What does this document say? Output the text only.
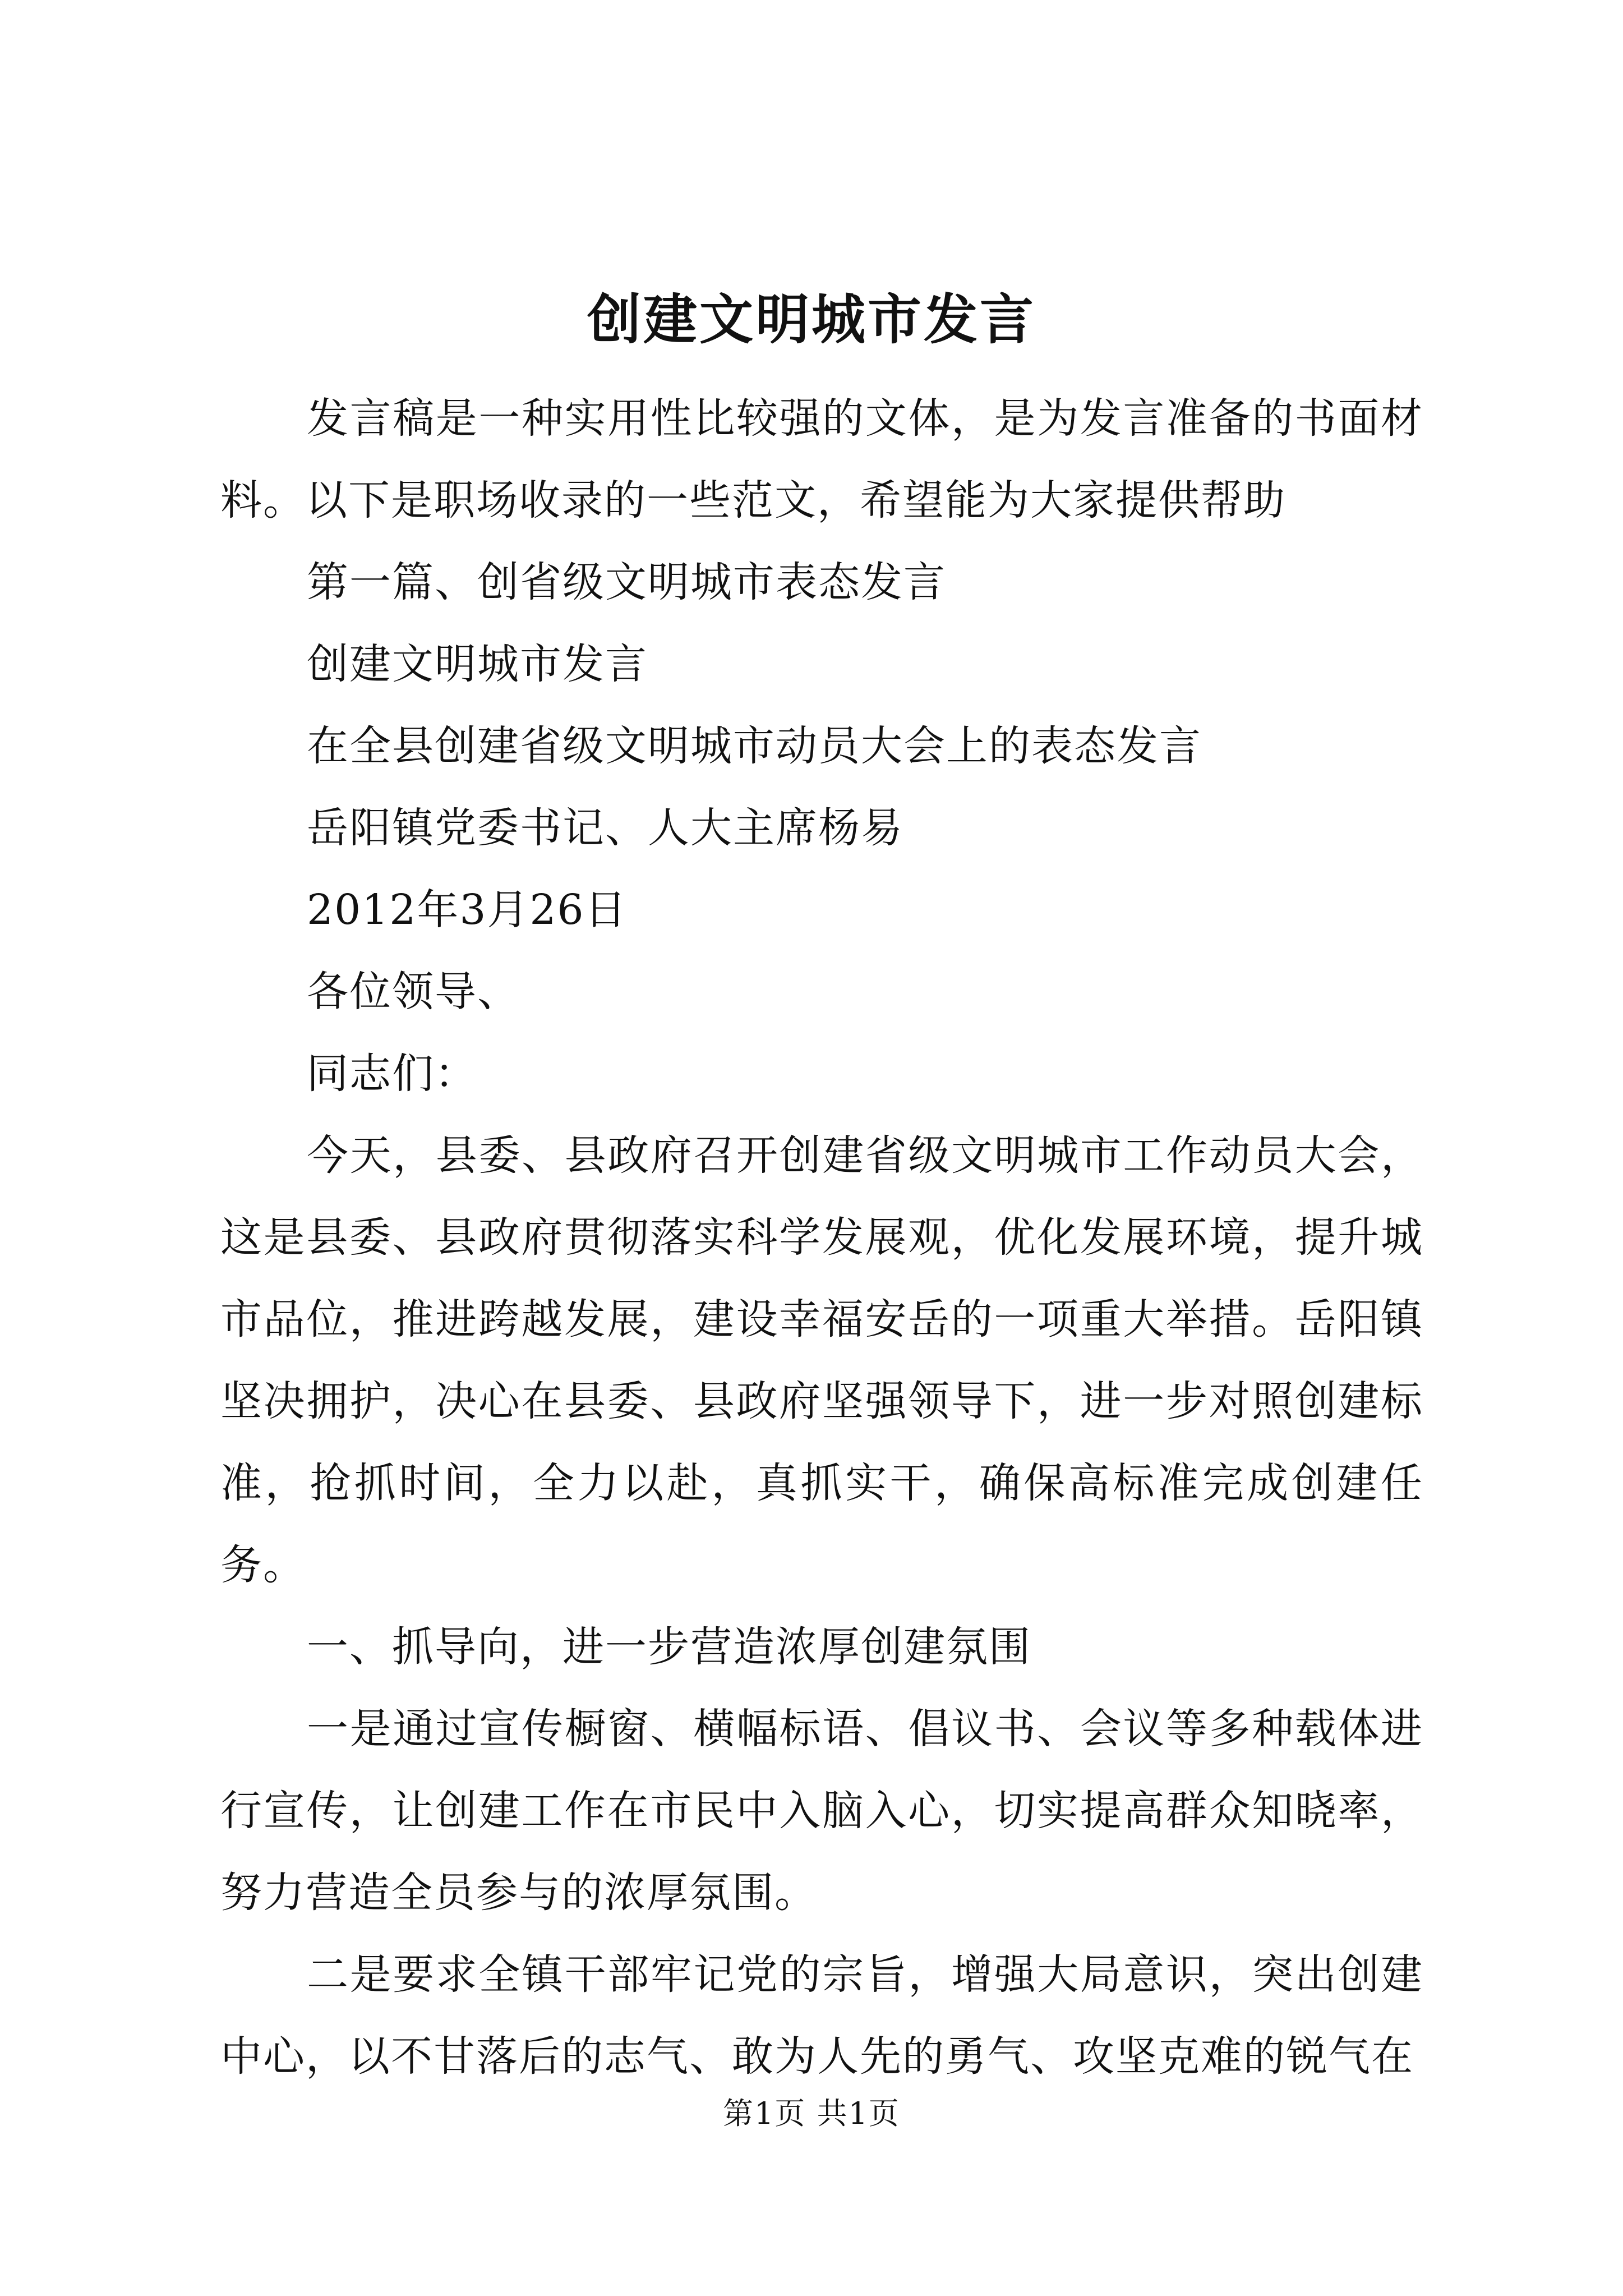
创建文明城市发言

发言稿是一种实用性比较强的文体，是为发言准备的书面材料。以下是职场收录的一些范文，希望能为大家提供帮助

第一篇、创省级文明城市表态发言

创建文明城市发言

在全县创建省级文明城市动员大会上的表态发言

岳阳镇党委书记、人大主席杨易

2012年3月26日

各位领导、

同志们：

今天，县委、县政府召开创建省级文明城市工作动员大会，这是县委、县政府贯彻落实科学发展观，优化发展环境，提升城市品位，推进跨越发展，建设幸福安岳的一项重大举措。岳阳镇坚决拥护，决心在县委、县政府坚强领导下，进一步对照创建标准，抢抓时间，全力以赴，真抓实干，确保高标准完成创建任务。

一、抓导向，进一步营造浓厚创建氛围

一是通过宣传橱窗、横幅标语、倡议书、会议等多种载体进行宣传，让创建工作在市民中入脑入心，切实提高群众知晓率，努力营造全员参与的浓厚氛围。

二是要求全镇干部牢记党的宗旨，增强大局意识，突出创建中心，以不甘落后的志气、敢为人先的勇气、攻坚克难的锐气在

第1页 共1页
